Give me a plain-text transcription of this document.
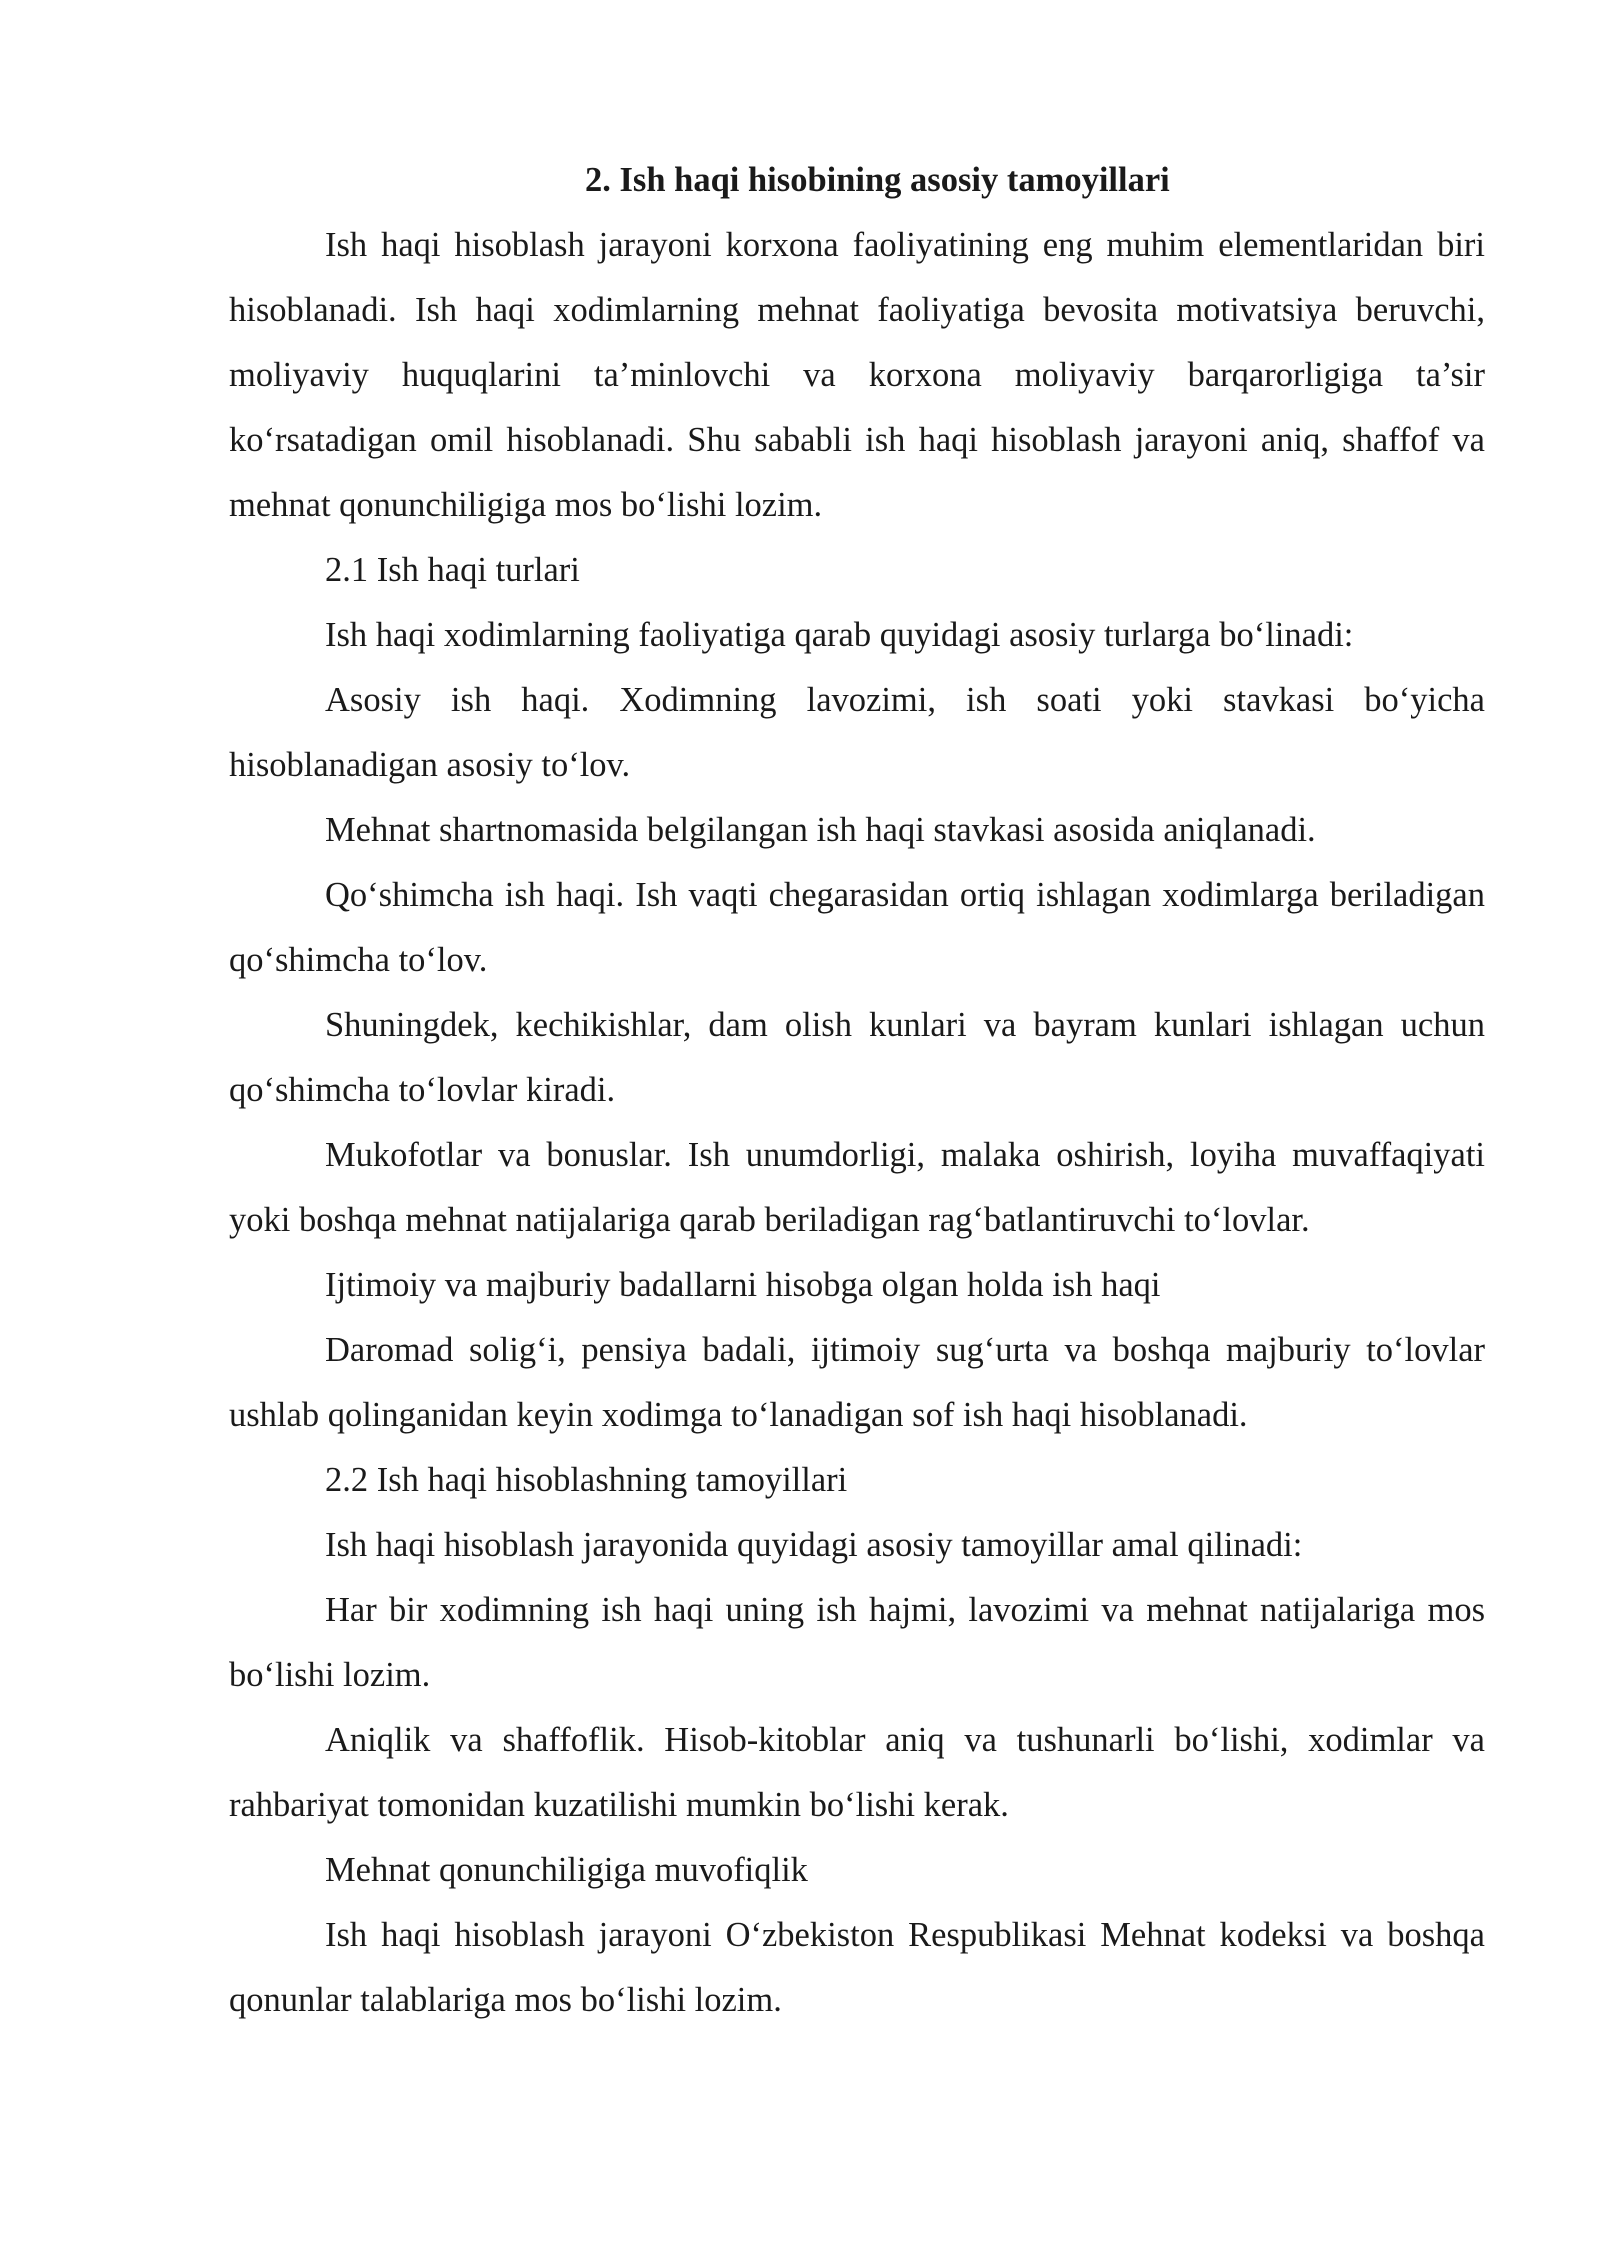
2. Ish haqi hisobining asosiy tamoyillari

Ish haqi hisoblash jarayoni korxona faoliyatining eng muhim elementlaridan biri hisoblanadi. Ish haqi xodimlarning mehnat faoliyatiga bevosita motivatsiya beruvchi, moliyaviy huquqlarini ta’minlovchi va korxona moliyaviy barqarorligiga ta’sir ko‘rsatadigan omil hisoblanadi. Shu sababli ish haqi hisoblash jarayoni aniq, shaffof va mehnat qonunchiligiga mos bo‘lishi lozim.

2.1 Ish haqi turlari

Ish haqi xodimlarning faoliyatiga qarab quyidagi asosiy turlarga bo‘linadi:

Asosiy ish haqi. Xodimning lavozimi, ish soati yoki stavkasi bo‘yicha hisoblanadigan asosiy to‘lov.

Mehnat shartnomasida belgilangan ish haqi stavkasi asosida aniqlanadi.

Qo‘shimcha ish haqi. Ish vaqti chegarasidan ortiq ishlagan xodimlarga beriladigan qo‘shimcha to‘lov.

Shuningdek, kechikishlar, dam olish kunlari va bayram kunlari ishlagan uchun qo‘shimcha to‘lovlar kiradi.

Mukofotlar va bonuslar. Ish unumdorligi, malaka oshirish, loyiha muvaffaqiyati yoki boshqa mehnat natijalariga qarab beriladigan rag‘batlantiruvchi to‘lovlar.

Ijtimoiy va majburiy badallarni hisobga olgan holda ish haqi

Daromad solig‘i, pensiya badali, ijtimoiy sug‘urta va boshqa majburiy to‘lovlar ushlab qolinganidan keyin xodimga to‘lanadigan sof ish haqi hisoblanadi.

2.2 Ish haqi hisoblashning tamoyillari

Ish haqi hisoblash jarayonida quyidagi asosiy tamoyillar amal qilinadi:

Har bir xodimning ish haqi uning ish hajmi, lavozimi va mehnat natijalariga mos bo‘lishi lozim.

Aniqlik va shaffoflik. Hisob-kitoblar aniq va tushunarli bo‘lishi, xodimlar va rahbariyat tomonidan kuzatilishi mumkin bo‘lishi kerak.

Mehnat qonunchiligiga muvofiqlik

Ish haqi hisoblash jarayoni O‘zbekiston Respublikasi Mehnat kodeksi va boshqa qonunlar talablariga mos bo‘lishi lozim.
